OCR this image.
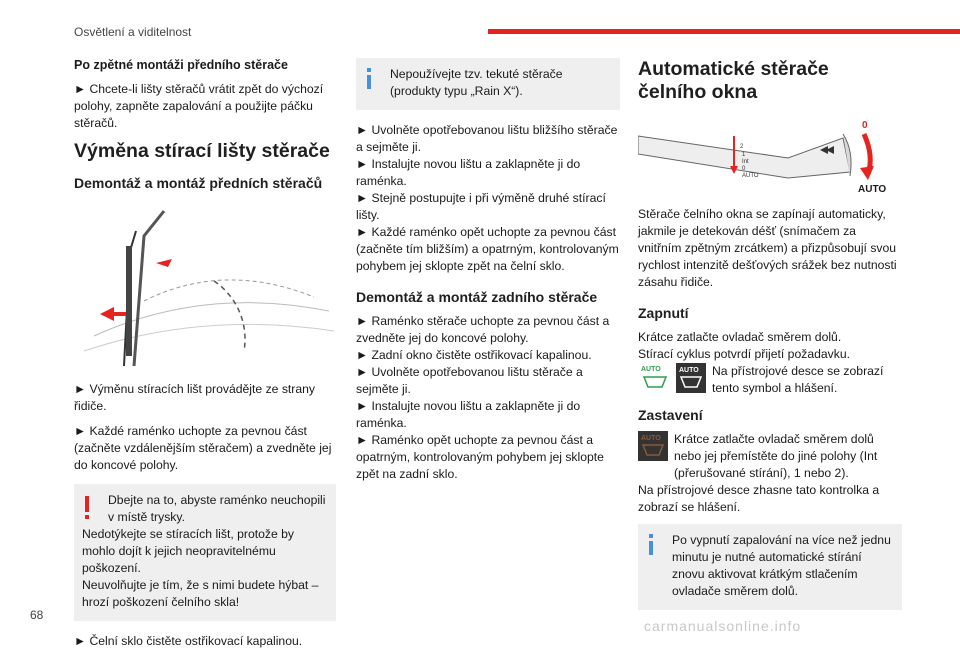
Osvětlení a viditelnost
Po zpětné montáži předního stěrače

► Chcete-li lišty stěračů vrátit zpět do výchozí polohy, zapněte zapalování a použijte páčku stěračů.

Výměna stírací lišty stěrače
Demontáž a montáž předních stěračů

► Výměnu stíracích lišt provádějte ze strany řidiče.

► Každé raménko uchopte za pevnou část (začněte vzdálenějším stěračem) a zvedněte jej do koncové polohy.

Dbejte na to, abyste raménko neuchopili v místě trysky.

Nedotýkejte se stíracích lišt, protože by mohlo dojít k jejich neopravitelnému poškození.

Neuvolňujte je tím, že s nimi budete hýbat – hrozí poškození čelního skla!

► Čelní sklo čistěte ostřikovací kapalinou.

Nepoužívejte tzv. tekuté stěrače (produkty typu „Rain X“).

► Uvolněte opotřebovanou lištu bližšího stěrače a sejměte ji.

► Instalujte novou lištu a zaklapněte ji do raménka.

► Stejně postupujte i při výměně druhé stírací lišty.

► Každé raménko opět uchopte za pevnou část (začněte tím bližším) a opatrným, kontrolovaným pohybem jej sklopte zpět na čelní sklo.

Demontáž a montáž zadního stěrače

► Raménko stěrače uchopte za pevnou část a zvedněte jej do koncové polohy.

► Zadní okno čistěte ostřikovací kapalinou.

► Uvolněte opotřebovanou lištu stěrače a sejměte ji.

► Instalujte novou lištu a zaklapněte ji do raménka.

► Raménko opět uchopte za pevnou část a opatrným, kontrolovaným pohybem jej sklopte zpět na zadní sklo.

Automatické stěrače čelního okna
2
1
Int
0
AUTO
0
AUTO

Stěrače čelního okna se zapínají automaticky, jakmile je detekován déšť (snímačem za vnitřním zpětným zrcátkem) a přizpůsobují svou rychlost intenzitě dešťových srážek bez nutnosti zásahu řidiče.

Zapnutí

Krátce zatlačte ovladač směrem dolů.

Stírací cyklus potvrdí přijetí požadavku.

AUTO	AUTO Na přístrojové desce se zobrazí tento symbol a hlášení.

Zastavení
AUTO Krátce zatlačte ovladač směrem dolů nebo jej přemístěte do jiné polohy (Int (přerušované stírání), 1 nebo 2).

Na přístrojové desce zhasne tato kontrolka a zobrazí se hlášení.

Po vypnutí zapalování na více než jednu minutu je nutné automatické stírání znovu aktivovat krátkým stlačením ovladače směrem dolů.

68
carmanualsonline.info
